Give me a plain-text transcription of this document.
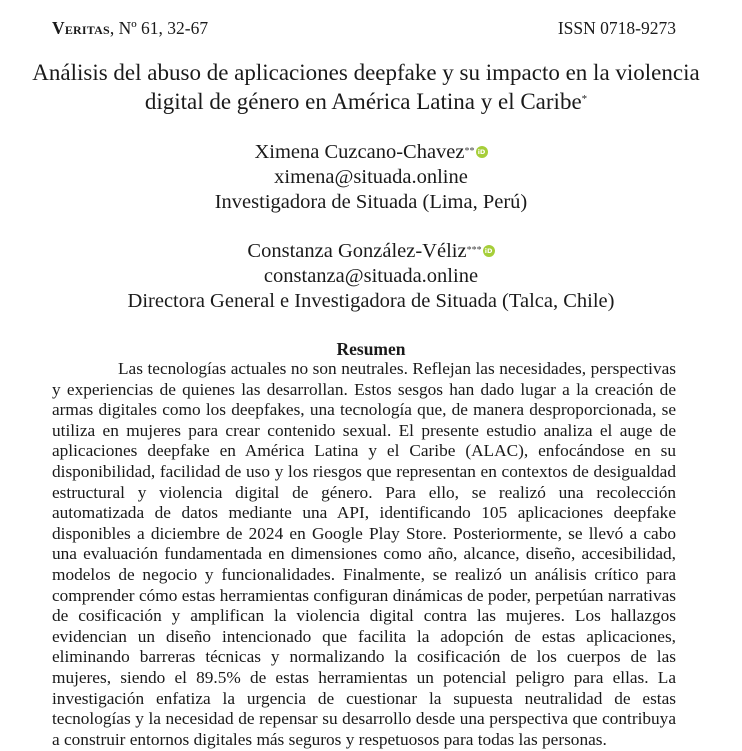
Veritas, Nº 61, 32-67	ISSN 0718-9273
Análisis del abuso de aplicaciones deepfake y su impacto en la violencia digital de género en América Latina y el Caribe*
Ximena Cuzcano-Chavez** iD
ximena@situada.online
Investigadora de Situada (Lima, Perú)
Constanza González-Véliz*** iD
constanza@situada.online
Directora General e Investigadora de Situada (Talca, Chile)
Resumen

Las tecnologías actuales no son neutrales. Reflejan las necesidades, perspectivas y experiencias de quienes las desarrollan. Estos sesgos han dado lugar a la creación de armas digitales como los deepfakes, una tecnología que, de manera desproporcionada, se utiliza en mujeres para crear contenido sexual. El presente estudio analiza el auge de aplicaciones deepfake en América Latina y el Caribe (ALAC), enfocándose en su disponibilidad, facilidad de uso y los riesgos que representan en contextos de desigualdad estructural y violencia digital de género. Para ello, se realizó una recolección automatizada de datos mediante una API, identificando 105 aplicaciones deepfake disponibles a diciembre de 2024 en Google Play Store. Posteriormente, se llevó a cabo una evaluación fundamentada en dimensiones como año, alcance, diseño, accesibilidad, modelos de negocio y funcionalidades. Finalmente, se realizó un análisis crítico para comprender cómo estas herramientas configuran dinámicas de poder, perpetúan narrativas de cosificación y amplifican la violencia digital contra las mujeres. Los hallazgos evidencian un diseño intencionado que facilita la adopción de estas aplicaciones, eliminando barreras técnicas y normalizando la cosificación de los cuerpos de las mujeres, siendo el 89.5% de estas herramientas un potencial peligro para ellas. La investigación enfatiza la urgencia de cuestionar la supuesta neutralidad de estas tecnologías y la necesidad de repensar su desarrollo desde una perspectiva que contribuya a construir entornos digitales más seguros y respetuosos para todas las personas.
